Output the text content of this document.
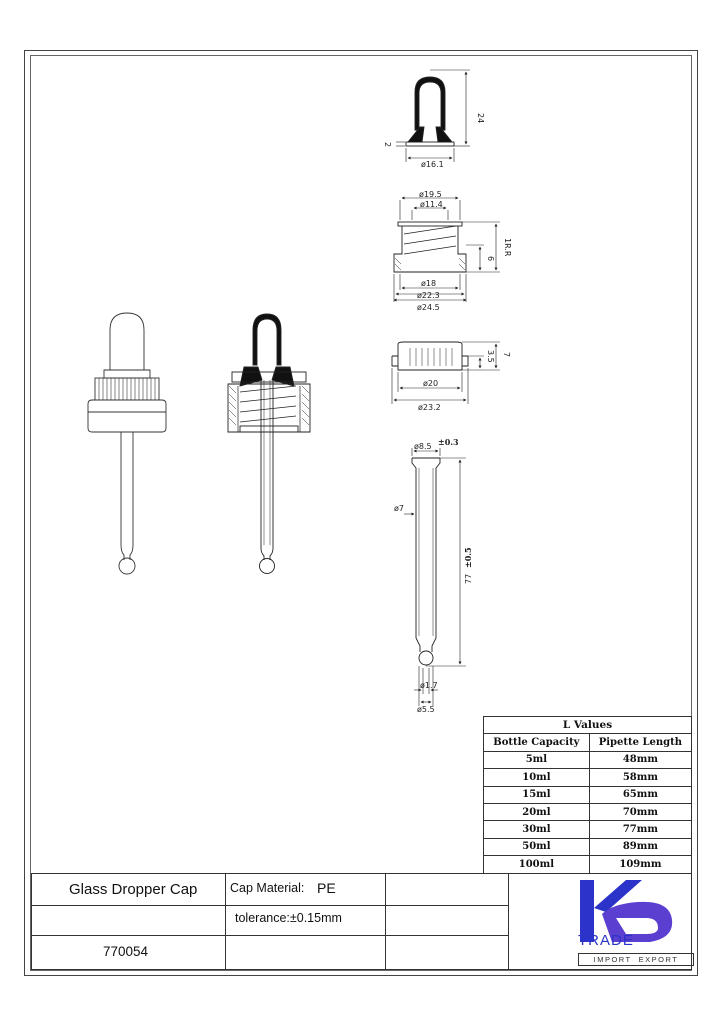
24
2
ø16.1
ø19.5
ø11.4
1R.R
6
ø18
ø22.3
ø24.5
3.5 7
ø20
ø23.2
ø8.5 ±0.3
ø7
77
±0.5
ø1.7
ø5.5
L Values	
Bottle Capacity	Pipette Length
5ml	48mm
10ml	58mm
15ml	65mm
20ml	70mm
30ml	77mm
50ml	89mm
100ml	109mm
Glass Dropper Cap	Cap Material: PE
tolerance:±0.15mm
770054
TRADE
IMPORT  EXPORT
